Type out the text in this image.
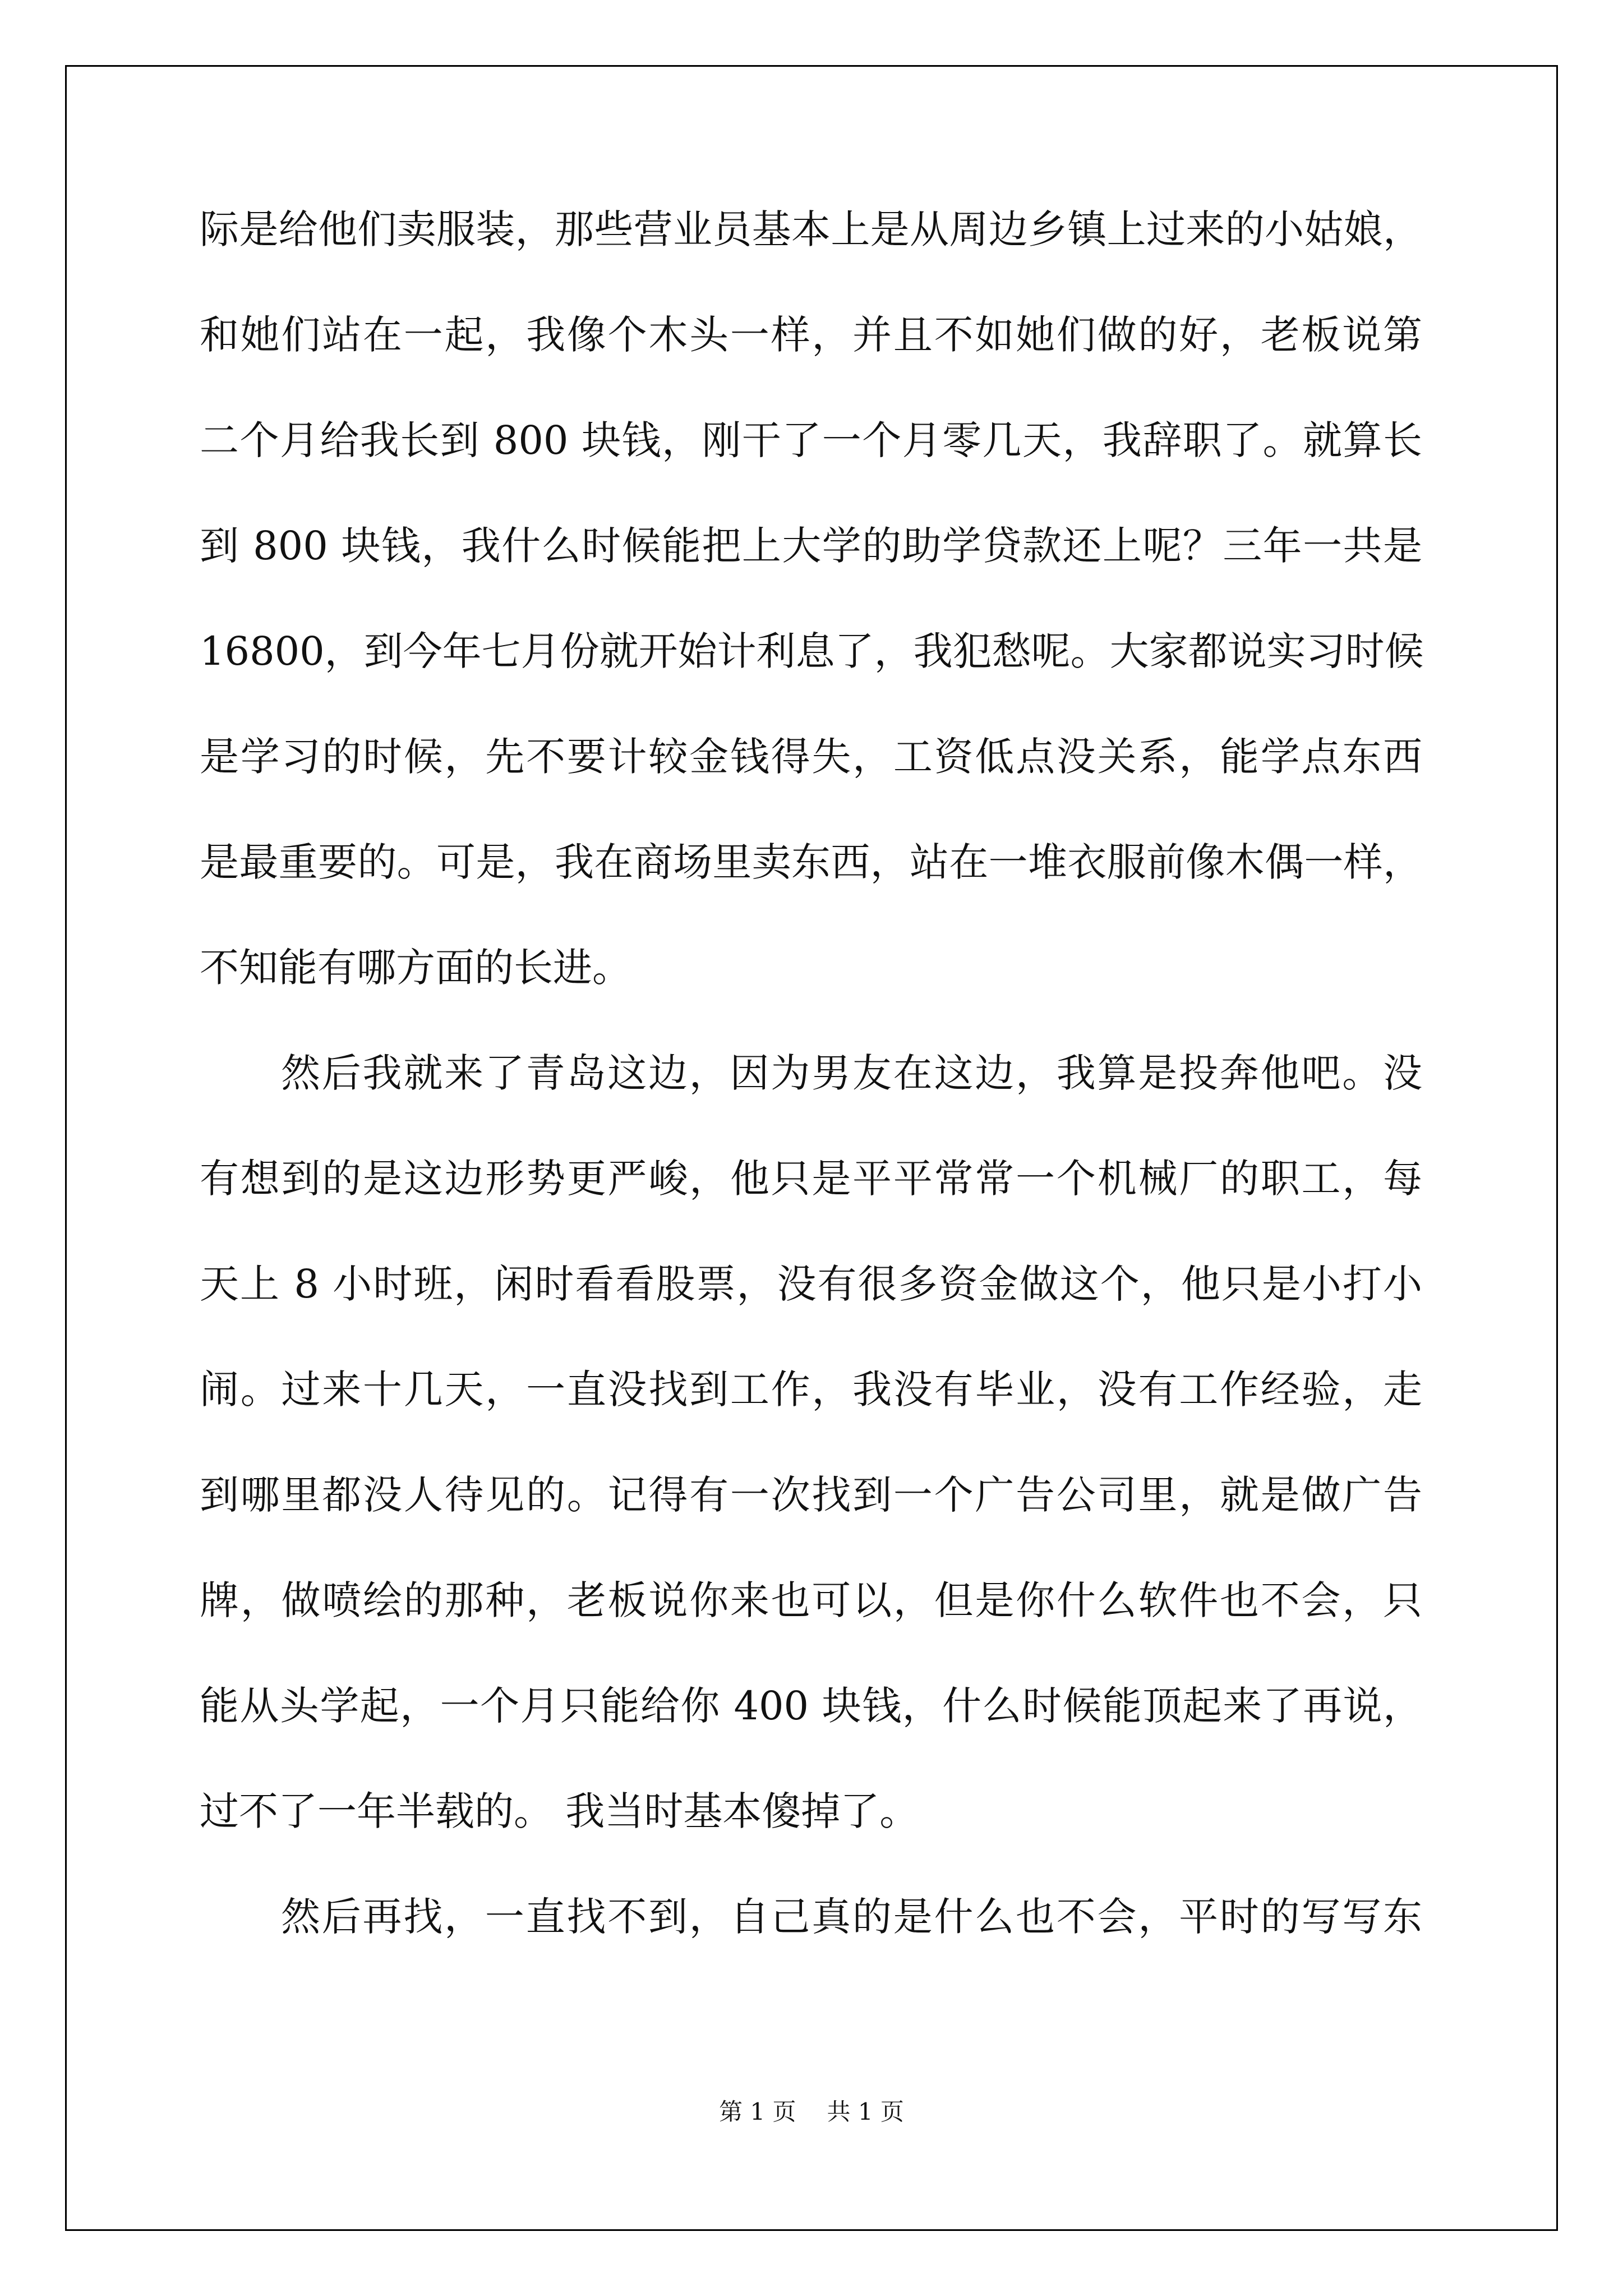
际是给他们卖服装，那些营业员基本上是从周边乡镇上过来的小姑娘，
和她们站在一起，我像个木头一样，并且不如她们做的好，老板说第
二个月给我长到 800 块钱，刚干了一个月零几天，我辞职了。就算长
到 800 块钱，我什么时候能把上大学的助学贷款还上呢？三年一共是
16800，到今年七月份就开始计利息了，我犯愁呢。大家都说实习时候
是学习的时候，先不要计较金钱得失，工资低点没关系，能学点东西
是最重要的。可是，我在商场里卖东西，站在一堆衣服前像木偶一样，
不知能有哪方面的长进。
然后我就来了青岛这边，因为男友在这边，我算是投奔他吧。没
有想到的是这边形势更严峻，他只是平平常常一个机械厂的职工，每
天上 8 小时班，闲时看看股票，没有很多资金做这个，他只是小打小
闹。过来十几天，一直没找到工作，我没有毕业，没有工作经验，走
到哪里都没人待见的。记得有一次找到一个广告公司里，就是做广告
牌，做喷绘的那种，老板说你来也可以，但是你什么软件也不会，只
能从头学起，一个月只能给你 400 块钱，什么时候能顶起来了再说，
过不了一年半载的。 我当时基本傻掉了。
然后再找，一直找不到，自己真的是什么也不会，平时的写写东
第 1 页 共 1 页
